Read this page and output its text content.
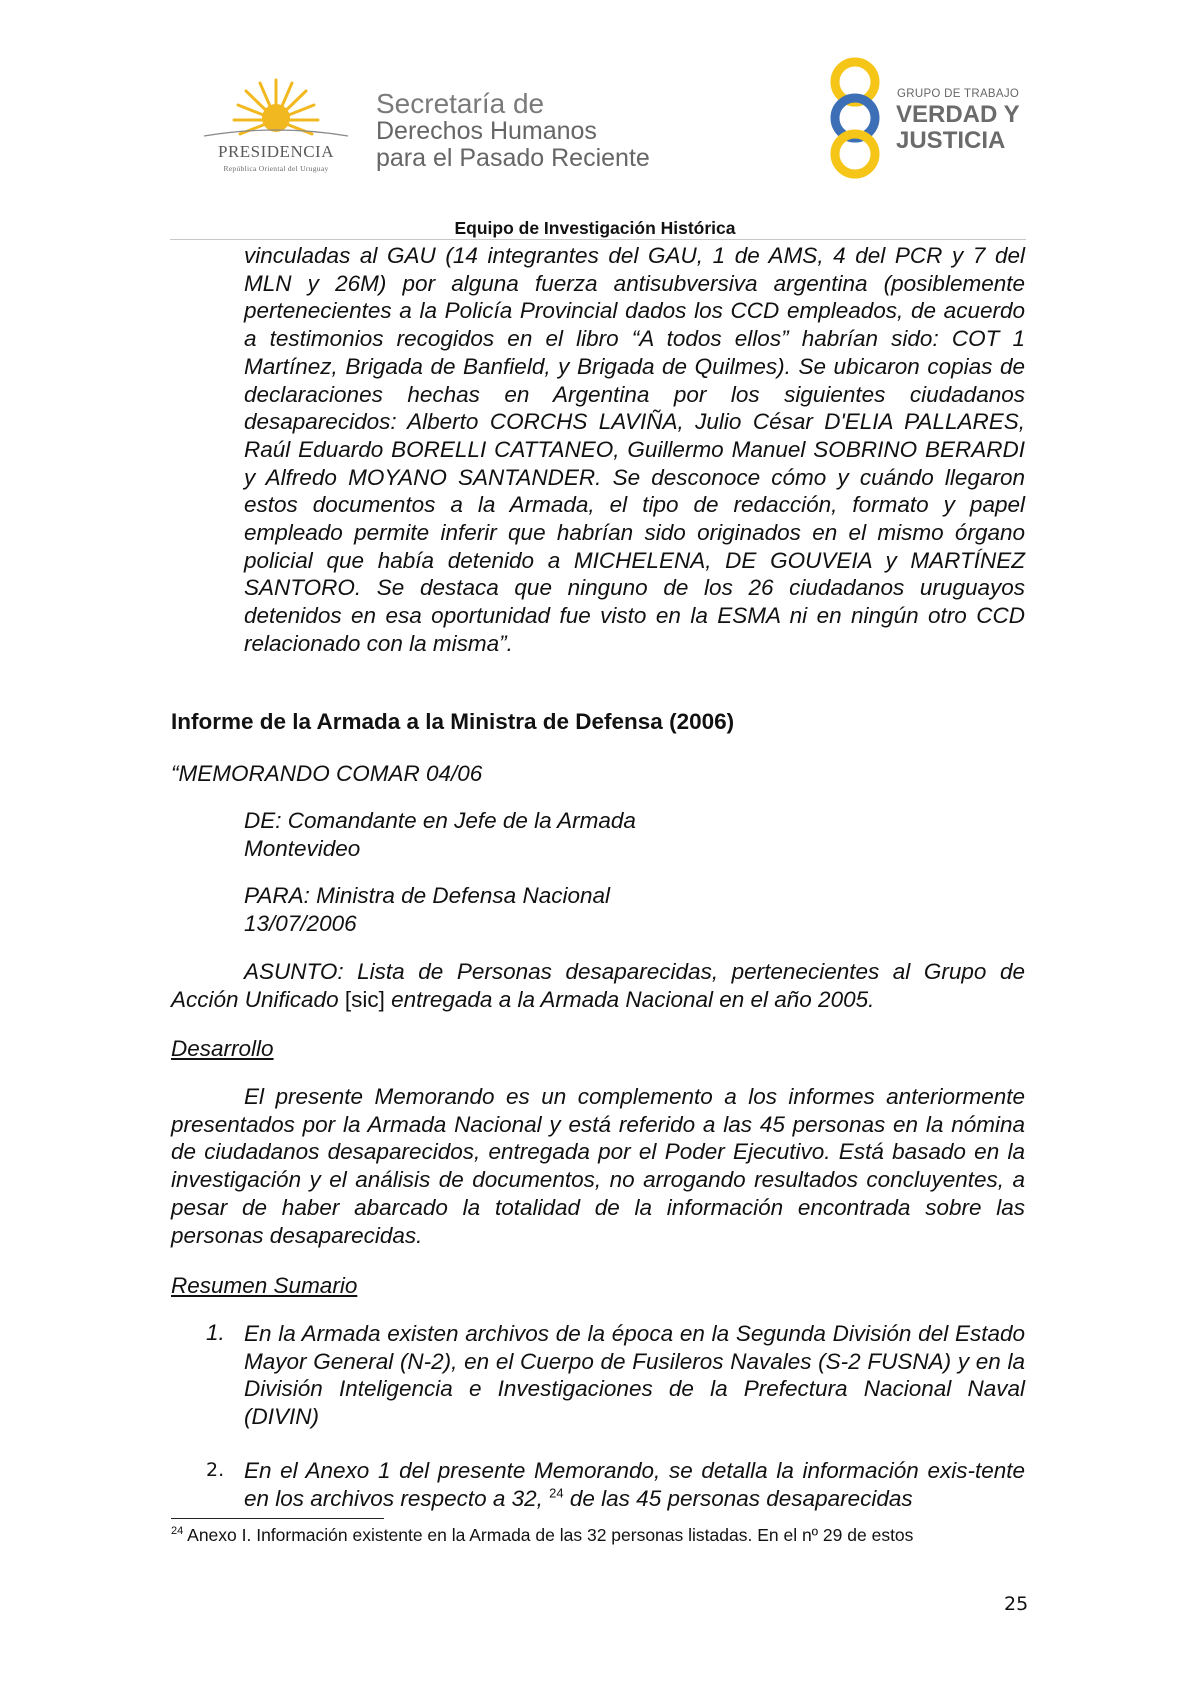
PRESIDENCIA
República Oriental del Uruguay
Secretaría de
Derechos Humanos
para el Pasado Reciente
GRUPO DE TRABAJO
VERDAD Y
JUSTICIA
Equipo de Investigación Histórica
vinculadas al GAU (14 integrantes del GAU, 1 de AMS, 4 del PCR y 7 del MLN y 26M) por alguna fuerza antisubversiva argentina (posiblemente pertenecientes a la Policía Provincial dados los CCD empleados, de acuerdo a testimonios recogidos en el libro “A todos ellos” habrían sido: COT 1 Martínez, Brigada de Banfield, y Brigada de Quilmes). Se ubicaron copias de declaraciones hechas en Argentina por los siguientes ciudadanos desaparecidos: Alberto CORCHS LAVIÑA, Julio César D'ELIA PALLARES, Raúl Eduardo BORELLI CATTANEO, Guillermo Manuel SOBRINO BERARDI y Alfredo MOYANO SANTANDER. Se desconoce cómo y cuándo llegaron estos documentos a la Armada, el tipo de redacción, formato y papel empleado permite inferir que habrían sido originados en el mismo órgano policial que había detenido a MICHELENA, DE GOUVEIA y MARTÍNEZ SANTORO. Se destaca que ninguno de los 26 ciudadanos uruguayos detenidos en esa oportunidad fue visto en la ESMA ni en ningún otro CCD relacionado con la misma”.
Informe de la Armada a la Ministra de Defensa (2006)
“MEMORANDO COMAR 04/06
DE: Comandante en Jefe de la Armada
Montevideo
PARA: Ministra de Defensa Nacional
13/07/2006
ASUNTO: Lista de Personas desaparecidas, pertenecientes al Grupo de Acción Unificado [sic] entregada a la Armada Nacional en el año 2005.
Desarrollo
El presente Memorando es un complemento a los informes anteriormente presentados por la Armada Nacional y está referido a las 45 personas en la nómina de ciudadanos desaparecidos, entregada por el Poder Ejecutivo. Está basado en la investigación y el análisis de documentos, no arrogando resultados concluyentes, a pesar de haber abarcado la totalidad de la información encontrada sobre las personas desaparecidas.
Resumen Sumario
1. En la Armada existen archivos de la época en la Segunda División del Estado Mayor General (N-2), en el Cuerpo de Fusileros Navales (S-2 FUSNA) y en la División Inteligencia e Investigaciones de la Prefectura Nacional Naval (DIVIN)
2. En el Anexo 1 del presente Memorando, se detalla la información exis-tente en los archivos respecto a 32, $^{24}$ de las 45 personas desaparecidas
$^{24}$ Anexo I. Información existente en la Armada de las 32 personas listadas. En el nº 29 de estos
25
